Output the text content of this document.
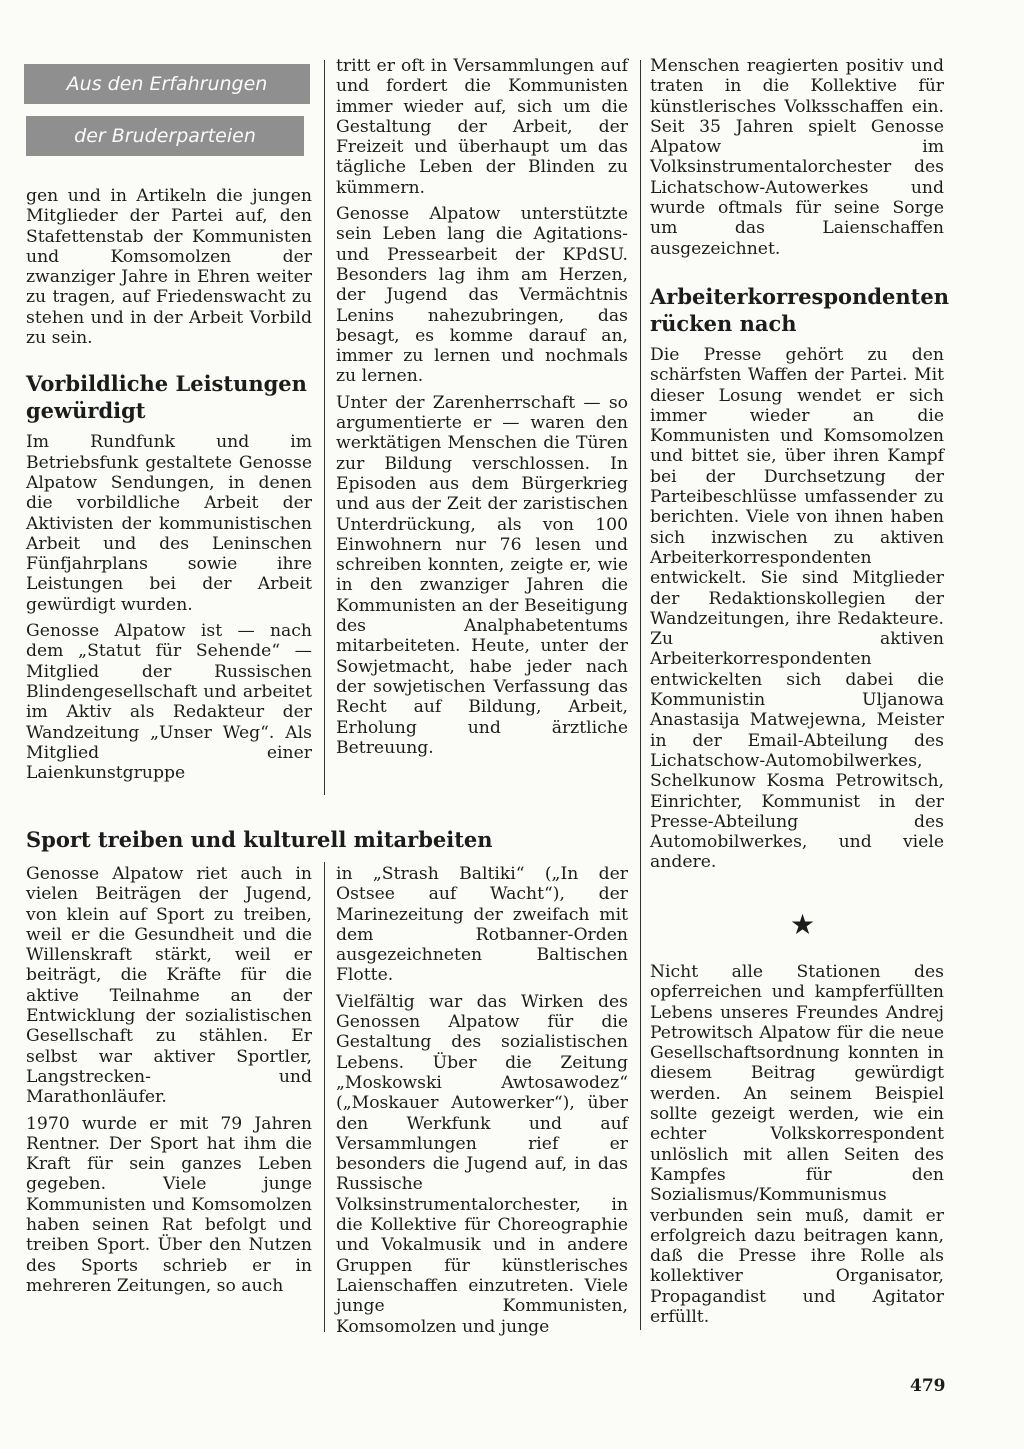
Aus den Erfahrungen
der Bruderparteien

gen und in Artikeln die jungen Mitglieder der Partei auf, den Stafettenstab der Kommunisten und Komsomolzen der zwanziger Jahre in Ehren weiter zu tragen, auf Friedenswacht zu stehen und in der Arbeit Vorbild zu sein.

Vorbildliche Leistungen gewürdigt

Im Rundfunk und im Betriebsfunk gestaltete Genosse Alpatow Sendungen, in denen die vorbildliche Arbeit der Aktivisten der kommunistischen Arbeit und des Leninschen Fünfjahrplans sowie ihre Leistungen bei der Arbeit gewürdigt wurden.

Genosse Alpatow ist — nach dem „Statut für Sehende“ — Mitglied der Russischen Blindengesellschaft und arbeitet im Aktiv als Redakteur der Wandzeitung „Unser Weg“. Als Mitglied einer Laienkunstgruppe

tritt er oft in Versammlungen auf und fordert die Kommunisten immer wieder auf, sich um die Gestaltung der Arbeit, der Freizeit und überhaupt um das tägliche Leben der Blinden zu kümmern.

Genosse Alpatow unterstützte sein Leben lang die Agitations- und Pressearbeit der KPdSU. Besonders lag ihm am Herzen, der Jugend das Vermächtnis Lenins nahezubringen, das besagt, es komme darauf an, immer zu lernen und nochmals zu lernen.

Unter der Zarenherrschaft — so argumentierte er — waren den werktätigen Menschen die Türen zur Bildung verschlossen. In Episoden aus dem Bürgerkrieg und aus der Zeit der zaristischen Unterdrückung, als von 100 Einwohnern nur 76 lesen und schreiben konnten, zeigte er, wie in den zwanziger Jahren die Kommunisten an der Beseitigung des Analphabetentums mitarbeiteten. Heute, unter der Sowjetmacht, habe jeder nach der sowjetischen Verfassung das Recht auf Bildung, Arbeit, Erholung und ärztliche Betreuung.

Menschen reagierten positiv und traten in die Kollektive für künstlerisches Volksschaffen ein. Seit 35 Jahren spielt Genosse Alpatow im Volksinstrumentalorchester des Lichatschow-Autowerkes und wurde oftmals für seine Sorge um das Laienschaffen ausgezeichnet.

Arbeiterkorrespondenten rücken nach

Die Presse gehört zu den schärfsten Waffen der Partei. Mit dieser Losung wendet er sich immer wieder an die Kommunisten und Komsomolzen und bittet sie, über ihren Kampf bei der Durchsetzung der Parteibeschlüsse umfassender zu berichten. Viele von ihnen haben sich inzwischen zu aktiven Arbeiterkorrespondenten entwickelt. Sie sind Mitglieder der Redaktionskollegien der Wandzeitungen, ihre Redakteure. Zu aktiven Arbeiterkorrespondenten entwickelten sich dabei die Kommunistin Uljanowa Anastasija Matwejewna, Meister in der Email-Abteilung des Lichatschow-Automobilwerkes, Schelkunow Kosma Petrowitsch, Einrichter, Kommunist in der Presse-Abteilung des Automobilwerkes, und viele andere.

Sport treiben und kulturell mitarbeiten

Genosse Alpatow riet auch in vielen Beiträgen der Jugend, von klein auf Sport zu treiben, weil er die Gesundheit und die Willenskraft stärkt, weil er beiträgt, die Kräfte für die aktive Teilnahme an der Entwicklung der sozialistischen Gesellschaft zu stählen. Er selbst war aktiver Sportler, Langstrecken- und Marathonläufer.

1970 wurde er mit 79 Jahren Rentner. Der Sport hat ihm die Kraft für sein ganzes Leben gegeben. Viele junge Kommunisten und Komsomolzen haben seinen Rat befolgt und treiben Sport. Über den Nutzen des Sports schrieb er in mehreren Zeitungen, so auch

in „Strash Baltiki“ („In der Ostsee auf Wacht“), der Marinezeitung der zweifach mit dem Rotbanner-Orden ausgezeichneten Baltischen Flotte.

Vielfältig war das Wirken des Genossen Alpatow für die Gestaltung des sozialistischen Lebens. Über die Zeitung „Moskowski Awtosawodez“ („Moskauer Autowerker“), über den Werkfunk und auf Versammlungen rief er besonders die Jugend auf, in das Russische Volksinstrumentalorchester, in die Kollektive für Choreographie und Vokalmusik und in andere Gruppen für künstlerisches Laienschaffen einzutreten. Viele junge Kommunisten, Komsomolzen und junge

★

Nicht alle Stationen des opferreichen und kampferfüllten Lebens unseres Freundes Andrej Petrowitsch Alpatow für die neue Gesellschaftsordnung konnten in diesem Beitrag gewürdigt werden. An seinem Beispiel sollte gezeigt werden, wie ein echter Volkskorrespondent unlöslich mit allen Seiten des Kampfes für den Sozialismus/Kommunismus verbunden sein muß, damit er erfolgreich dazu beitragen kann, daß die Presse ihre Rolle als kollektiver Organisator, Propagandist und Agitator erfüllt.

479
